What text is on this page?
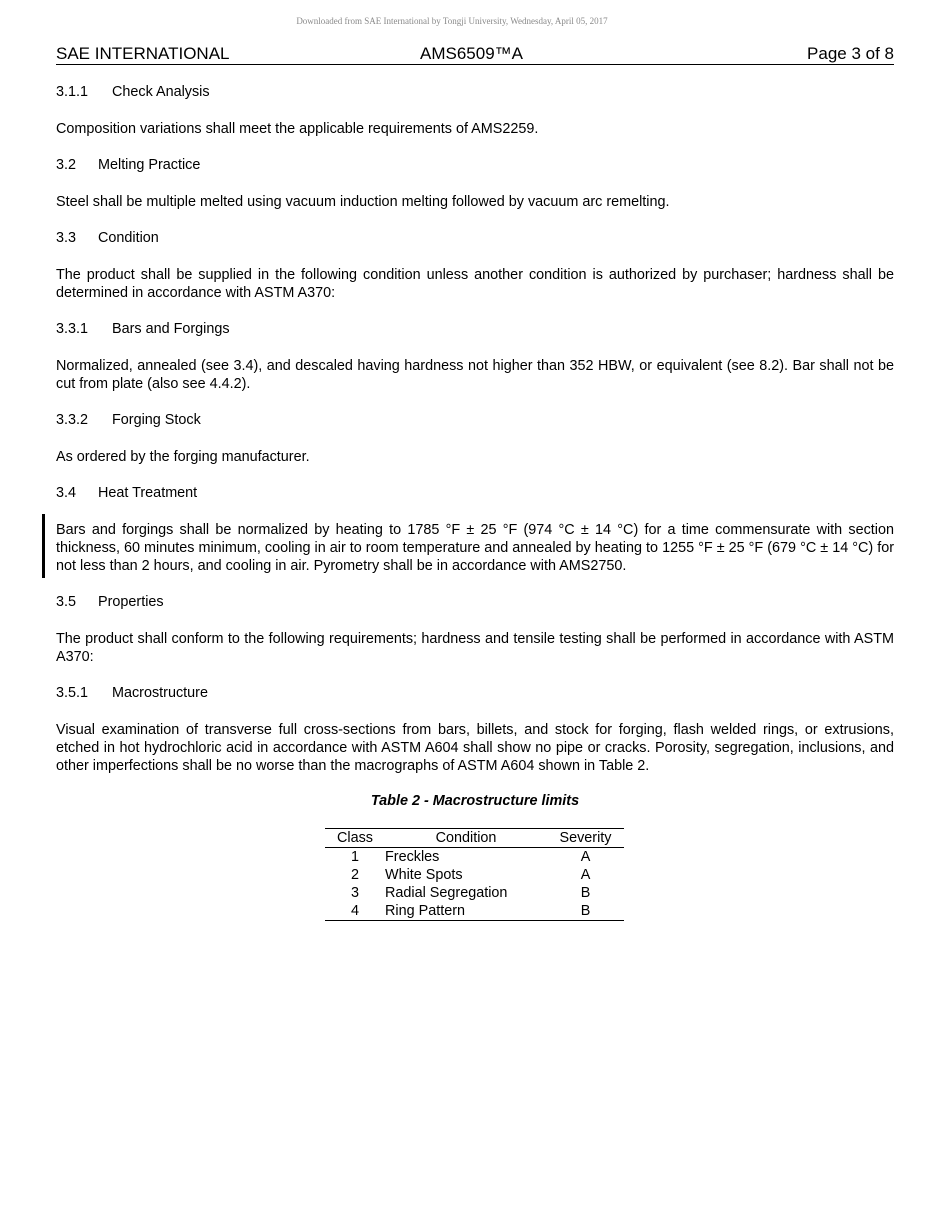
Downloaded from SAE International by Tongji University, Wednesday, April 05, 2017
SAE INTERNATIONAL	AMS6509™A	Page 3 of 8
3.1.1 Check Analysis
Composition variations shall meet the applicable requirements of AMS2259.
3.2 Melting Practice
Steel shall be multiple melted using vacuum induction melting followed by vacuum arc remelting.
3.3 Condition
The product shall be supplied in the following condition unless another condition is authorized by purchaser; hardness shall be determined in accordance with ASTM A370:
3.3.1 Bars and Forgings
Normalized, annealed (see 3.4), and descaled having hardness not higher than 352 HBW, or equivalent (see 8.2). Bar shall not be cut from plate (also see 4.4.2).
3.3.2 Forging Stock
As ordered by the forging manufacturer.
3.4 Heat Treatment
Bars and forgings shall be normalized by heating to 1785 °F ± 25 °F (974 °C ± 14 °C) for a time commensurate with section thickness, 60 minutes minimum, cooling in air to room temperature and annealed by heating to 1255 °F ± 25 °F (679 °C ± 14 °C) for not less than 2 hours, and cooling in air. Pyrometry shall be in accordance with AMS2750.
3.5 Properties
The product shall conform to the following requirements; hardness and tensile testing shall be performed in accordance with ASTM A370:
3.5.1 Macrostructure
Visual examination of transverse full cross-sections from bars, billets, and stock for forging, flash welded rings, or extrusions, etched in hot hydrochloric acid in accordance with ASTM A604 shall show no pipe or cracks. Porosity, segregation, inclusions, and other imperfections shall be no worse than the macrographs of ASTM A604 shown in Table 2.
Table 2 - Macrostructure limits
Class	Condition	Severity
1	Freckles	A
2	White Spots	A
3	Radial Segregation	B
4	Ring Pattern	B
